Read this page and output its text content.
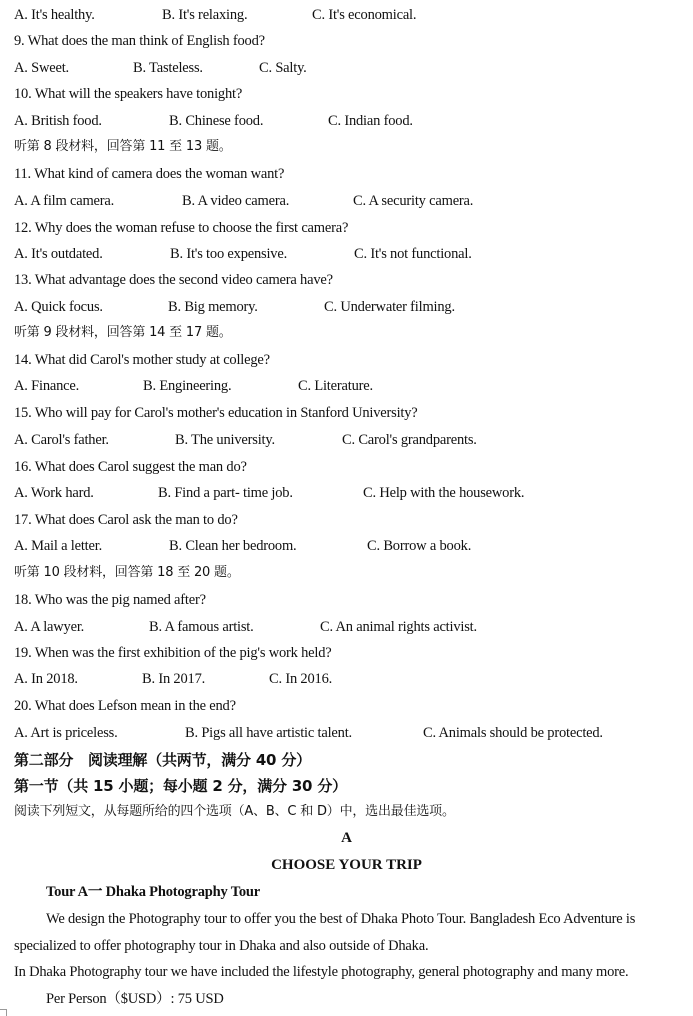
A. It's healthy.	B. It's relaxing.	C. It's economical.
9. What does the man think of English food?
A. Sweet.	B. Tasteless.	C. Salty.
10. What will the speakers have tonight?
A. British food.	B. Chinese food.	C. Indian food.
听第 8 段材料，回答第 11 至 13 题。
11. What kind of camera does the woman want?
A. A film camera.	B. A video camera.	C. A security camera.
12. Why does the woman refuse to choose the first camera?
A. It's outdated.	B. It's too expensive.	C. It's not functional.
13. What advantage does the second video camera have?
A. Quick focus.	B. Big memory.	C. Underwater filming.
听第 9 段材料，回答第 14 至 17 题。
14. What did Carol's mother study at college?
A. Finance.	B. Engineering.	C. Literature.
15. Who will pay for Carol's mother's education in Stanford University?
A. Carol's father.	B. The university.	C. Carol's grandparents.
16. What does Carol suggest the man do?
A. Work hard.	B. Find a part- time job.	C. Help with the housework.
17. What does Carol ask the man to do?
A. Mail a letter.	B. Clean her bedroom.	C. Borrow a book.
听第 10 段材料，回答第 18 至 20 题。
18. Who was the pig named after?
A. A lawyer.	B. A famous artist.	C. An animal rights activist.
19. When was the first exhibition of the pig's work held?
A. In 2018.	B. In 2017.	C. In 2016.
20. What does Lefson mean in the end?
A. Art is priceless.	B. Pigs all have artistic talent.	C. Animals should be protected.
第二部分　阅读理解（共两节，满分 40 分）
第一节（共 15 小题；每小题 2 分，满分 30 分）
阅读下列短文，从每题所给的四个选项（A、B、C 和 D）中，选出最佳选项。
A
CHOOSE YOUR TRIP
Tour A一 Dhaka Photography Tour
We design the Photography tour to offer you the best of Dhaka Photo Tour. Bangladesh Eco Adventure is
specialized to offer photography tour in Dhaka and also outside of Dhaka.
In Dhaka Photography tour we have included the lifestyle photography, general photography and many more.
Per Person（$USD）: 75 USD
